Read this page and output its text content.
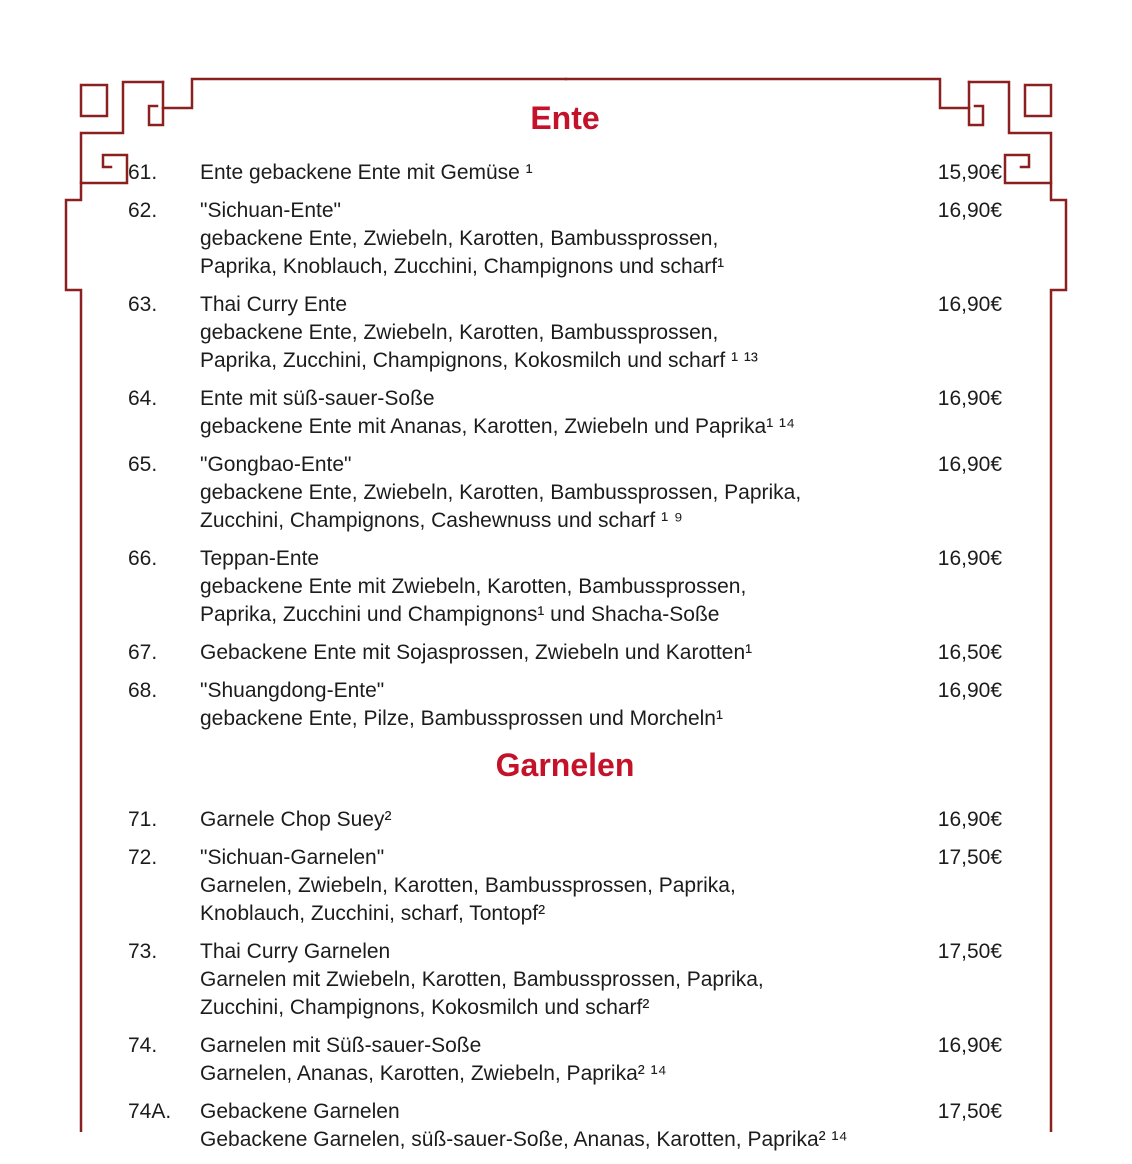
Ente
61.	Ente gebackene Ente mit Gemüse ¹	15,90€
62.	"Sichuan-Ente"
gebackene Ente, Zwiebeln, Karotten, Bambussprossen,
Paprika, Knoblauch, Zucchini, Champignons und scharf¹
16,90€
63.	Thai Curry Ente
gebackene Ente, Zwiebeln, Karotten, Bambussprossen,
Paprika, Zucchini, Champignons, Kokosmilch und scharf ¹ ¹³
16,90€
64.	Ente mit süß-sauer-Soße
gebackene Ente mit Ananas, Karotten, Zwiebeln und Paprika¹ ¹⁴
16,90€
65.	"Gongbao-Ente"
gebackene Ente, Zwiebeln, Karotten, Bambussprossen, Paprika,
Zucchini, Champignons, Cashewnuss und scharf ¹ ⁹
16,90€
66.	Teppan-Ente
gebackene Ente mit Zwiebeln, Karotten, Bambussprossen,
Paprika, Zucchini und Champignons¹ und Shacha-Soße
16,90€
67.	Gebackene Ente mit Sojasprossen, Zwiebeln und Karotten¹	16,50€
68.	"Shuangdong-Ente"
gebackene Ente, Pilze, Bambussprossen und Morcheln¹
16,90€
Garnelen
71.	Garnele Chop Suey²	16,90€
72.	"Sichuan-Garnelen"
Garnelen, Zwiebeln, Karotten, Bambussprossen, Paprika,
Knoblauch, Zucchini, scharf, Tontopf²
17,50€
73.	Thai Curry Garnelen
Garnelen mit Zwiebeln, Karotten, Bambussprossen, Paprika,
Zucchini, Champignons, Kokosmilch und scharf²
17,50€
74.	Garnelen mit Süß-sauer-Soße
Garnelen, Ananas, Karotten, Zwiebeln, Paprika² ¹⁴
16,90€
74A.	Gebackene Garnelen
Gebackene Garnelen, süß-sauer-Soße, Ananas, Karotten, Paprika² ¹⁴
17,50€
